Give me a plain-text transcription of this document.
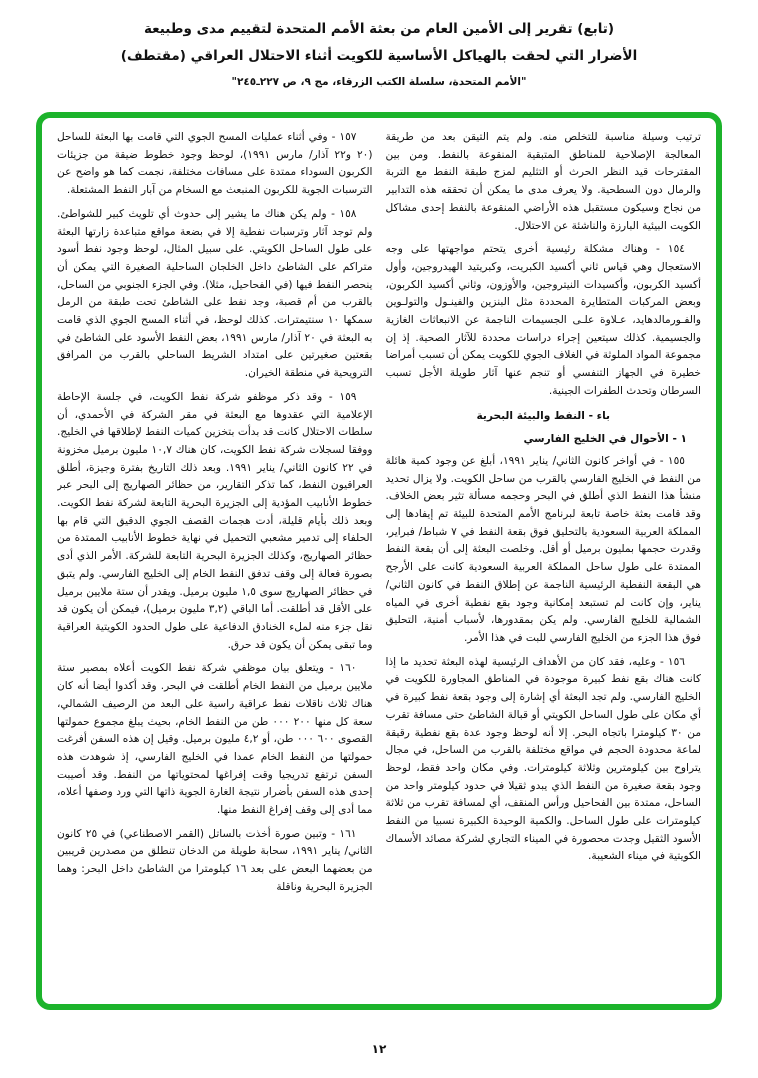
(تابع) تقرير إلى الأمين العام من بعثة الأمم المتحدة لتقييم مدى وطبيعة
الأضرار التي لحقت بالهياكل الأساسية للكويت أثناء الاحتلال العراقي (مقتطف)
"الأمم المتحدة، سلسلة الكتب الزرقاء، مج ٩، ص ٢٢٧ـ٢٤٥"

ترتيب وسيلة مناسبة للتخلص منه. ولم يتم التيقن بعد من طريقة المعالجة الإصلاحية للمناطق المتبقية المنقوعة بالنفط. ومن بين المقترحات قيد النظر الحرث أو التثليم لمزج طبقة النفط مع التربة والرمال دون السطحية. ولا يعرف مدى ما يمكن أن تحققه هذه التدابير من نجاح وسيكون مستقبل هذه الأراضي المنقوعة بالنفط إحدى مشاكل الكويت البيئية البارزة والناشئة عن الاحتلال.

١٥٤ - وهناك مشكلة رئيسية أخرى يتحتم مواجهتها على وجه الاستعجال وهي قياس ثاني أكسيد الكبريت، وكبريتيد الهيدروجين، وأول أكسيد الكربون، وأكسيدات النيتروجين، والأوزون، وثاني أكسيد الكربون، وبعض المركبات المتطايرة المحددة مثل البنزين والفينـول والتولـوين والفـورمالدهايد، عـلاوة علـى الجسيمات الناجمة عن الانبعاثات الغازية والجسيمية. كذلك سيتعين إجراء دراسات محددة للآثار الصحية. إذ إن مجموعة المواد الملوثة في الغلاف الجوي للكويت يمكن أن تسبب أمراضا خطيرة في الجهاز التنفسي أو تنجم عنها آثار طويلة الأجل تسبب السرطان وتحدث الطفرات الجينية.

باء - النفط والبيئة البحرية

١ - الأحوال في الخليج الفارسي

١٥٥ - في أواخر كانون الثاني/ يناير ١٩٩١، أبلغ عن وجود كمية هائلة من النفط في الخليج الفارسي بالقرب من ساحل الكويت. ولا يزال تحديد منشأ هذا النفط الذي أطلق في البحر وحجمه مسألة تثير بعض الخلاف. وقد قامت بعثة خاصة تابعة لبرنامج الأمم المتحدة للبيئة تم إيفادها إلى المملكة العربية السعودية بالتحليق فوق بقعة النفط في ٧ شباط/ فبراير، وقدرت حجمها بمليون برميل أو أقل. وخلصت البعثة إلى أن بقعة النفط الممتدة على طول ساحل المملكة العربية السعودية كانت على الأرجح هي البقعة النفطية الرئيسية الناجمة عن إطلاق النفط في كانون الثاني/ يناير، وإن كانت لم تستبعد إمكانية وجود بقع نفطية أخرى في المياه الشمالية للخليج الفارسي. ولم يكن بمقدورها، لأسباب أمنية، التحليق فوق هذا الجزء من الخليج الفارسي للبت في هذا الأمر.

١٥٦ - وعليه، فقد كان من الأهداف الرئيسية لهذه البعثة تحديد ما إذا كانت هناك بقع نفط كبيرة موجودة في المناطق المجاورة للكويت في الخليج الفارسي. ولم تجد البعثة أي إشارة إلى وجود بقعة نفط كبيرة في أي مكان على طول الساحل الكويتي أو قبالة الشاطئ حتى مسافة تقرب من ٣٠ كيلومترا باتجاه البحر. إلا أنه لوحظ وجود عدة بقع نفطية رقيقة لماعة محدودة الحجم في مواقع مختلفة بالقرب من الساحل، في مجال يتراوح بين كيلومترين وثلاثة كيلومترات. وفي مكان واحد فقط، لوحظ وجود بقعة صغيرة من النفط الذي يبدو ثقيلا في حدود كيلومتر واحد من الساحل، ممتدة بين الفحاحيل ورأس المنقف، أي لمسافة تقرب من ثلاثة كيلومترات على طول الساحل. والكمية الوحيدة الكبيرة نسبيا من النفط الأسود الثقيل وجدت محصورة في الميناء التجاري لشركة مصائد الأسماك الكويتية في ميناء الشعيبة.

١٥٧ - وفي أثناء عمليات المسح الجوي التي قامت بها البعثة للساحل (٢٠ و٢٢ آذار/ مارس ١٩٩١)، لوحظ وجود خطوط ضيقة من جزيئات الكربون السوداء ممتدة على مسافات مختلفة، نجمت كما هو واضح عن الترسبات الجوية للكربون المنبعث مع السخام من آبار النفط المشتعلة.

١٥٨ - ولم يكن هناك ما يشير إلى حدوث أي تلويث كبير للشواطئ. ولم توجد آثار وترسبات نفطية إلا في بضعة مواقع متباعدة زارتها البعثة على طول الساحل الكويتي. على سبيل المثال، لوحظ وجود نفط أسود متراكم على الشاطئ داخل الخلجان الساحلية الصغيرة التي يمكن أن ينحصر النفط فيها (في الفحاحيل، مثلا). وفي الجزء الجنوبي من الساحل، بالقرب من أم قصبة، وجد نفط على الشاطئ تحت طبقة من الرمل سمكها ١٠ سنتيمترات. كذلك لوحظ، في أثناء المسح الجوي الذي قامت به البعثة في ٢٠ آذار/ مارس ١٩٩١، بعض النفط الأسود على الشاطئ في بقعتين صغيرتين على امتداد الشريط الساحلي بالقرب من المرافق الترويحية في منطقة الخيران.

١٥٩ - وقد ذكر موظفو شركة نفط الكويت، في جلسة الإحاطة الإعلامية التي عقدوها مع البعثة في مقر الشركة في الأحمدي، أن سلطات الاحتلال كانت قد بدأت بتخزين كميات النفط لإطلاقها في الخليج. ووفقا لسجلات شركة نفط الكويت، كان هناك ١٠,٧ مليون برميل مخزونة في ٢٢ كانون الثاني/ يناير ١٩٩١. وبعد ذلك التاريخ بفترة وجيزة، أطلق العراقيون النفط، كما تذكر التقارير، من حظائر الصهاريج إلى البحر عبر خطوط الأنابيب المؤدية إلى الجزيرة البحرية التابعة لشركة نفط الكويت. وبعد ذلك بأيام قليلة، أدت هجمات القصف الجوي الدقيق التي قام بها الحلفاء إلى تدمير مشعبي التحميل في نهاية خطوط الأنابيب الممتدة من حظائر الصهاريج، وكذلك الجزيرة البحرية التابعة للشركة. الأمر الذي أدى بصورة فعالة إلى وقف تدفق النفط الخام إلى الخليج الفارسي. ولم يتبق في حظائر الصهاريج سوى ١,٥ مليون برميل. ويقدر أن ستة ملايين برميل على الأقل قد أطلقت. أما الباقي (٣,٢ مليون برميل)، فيمكن أن يكون قد نقل جزء منه لملء الخنادق الدفاعية على طول الحدود الكويتية العراقية وما تبقى يمكن أن يكون قد حرق.

١٦٠ - ويتعلق بيان موظفي شركة نفط الكويت أعلاه بمصير ستة ملايين برميل من النفط الخام أطلقت في البحر. وقد أكدوا أيضا أنه كان هناك ثلاث ناقلات نفط عراقية راسية على البعد من الرصيف الشمالي، سعة كل منها ⁦٢٠٠ ٠٠٠⁩ طن من النفط الخام، بحيث يبلغ مجموع حمولتها القصوى ⁦٦٠٠ ٠٠٠⁩ طن، أو ٤,٢ مليون برميل. وقيل إن هذه السفن أفرغت حمولتها من النفط الخام عمدا في الخليج الفارسي، إذ شوهدت هذه السفن ترتفع تدريجيا وقت إفراغها لمحتوياتها من النفط. وقد أصيبت إحدى هذه السفن بأضرار نتيجة الغارة الجوية ذاتها التي ورد وصفها أعلاه، مما أدى إلى وقف إفراغ النفط منها.

١٦١ - وتبين صورة أخذت بالساتل (القمر الاصطناعي) في ٢٥ كانون الثاني/ يناير ١٩٩١، سحابة طويلة من الدخان تنطلق من مصدرين قريبين من بعضهما البعض على بعد ١٦ كيلومترا من الشاطئ داخل البحر: وهما الجزيرة البحرية وناقلة

١٢
